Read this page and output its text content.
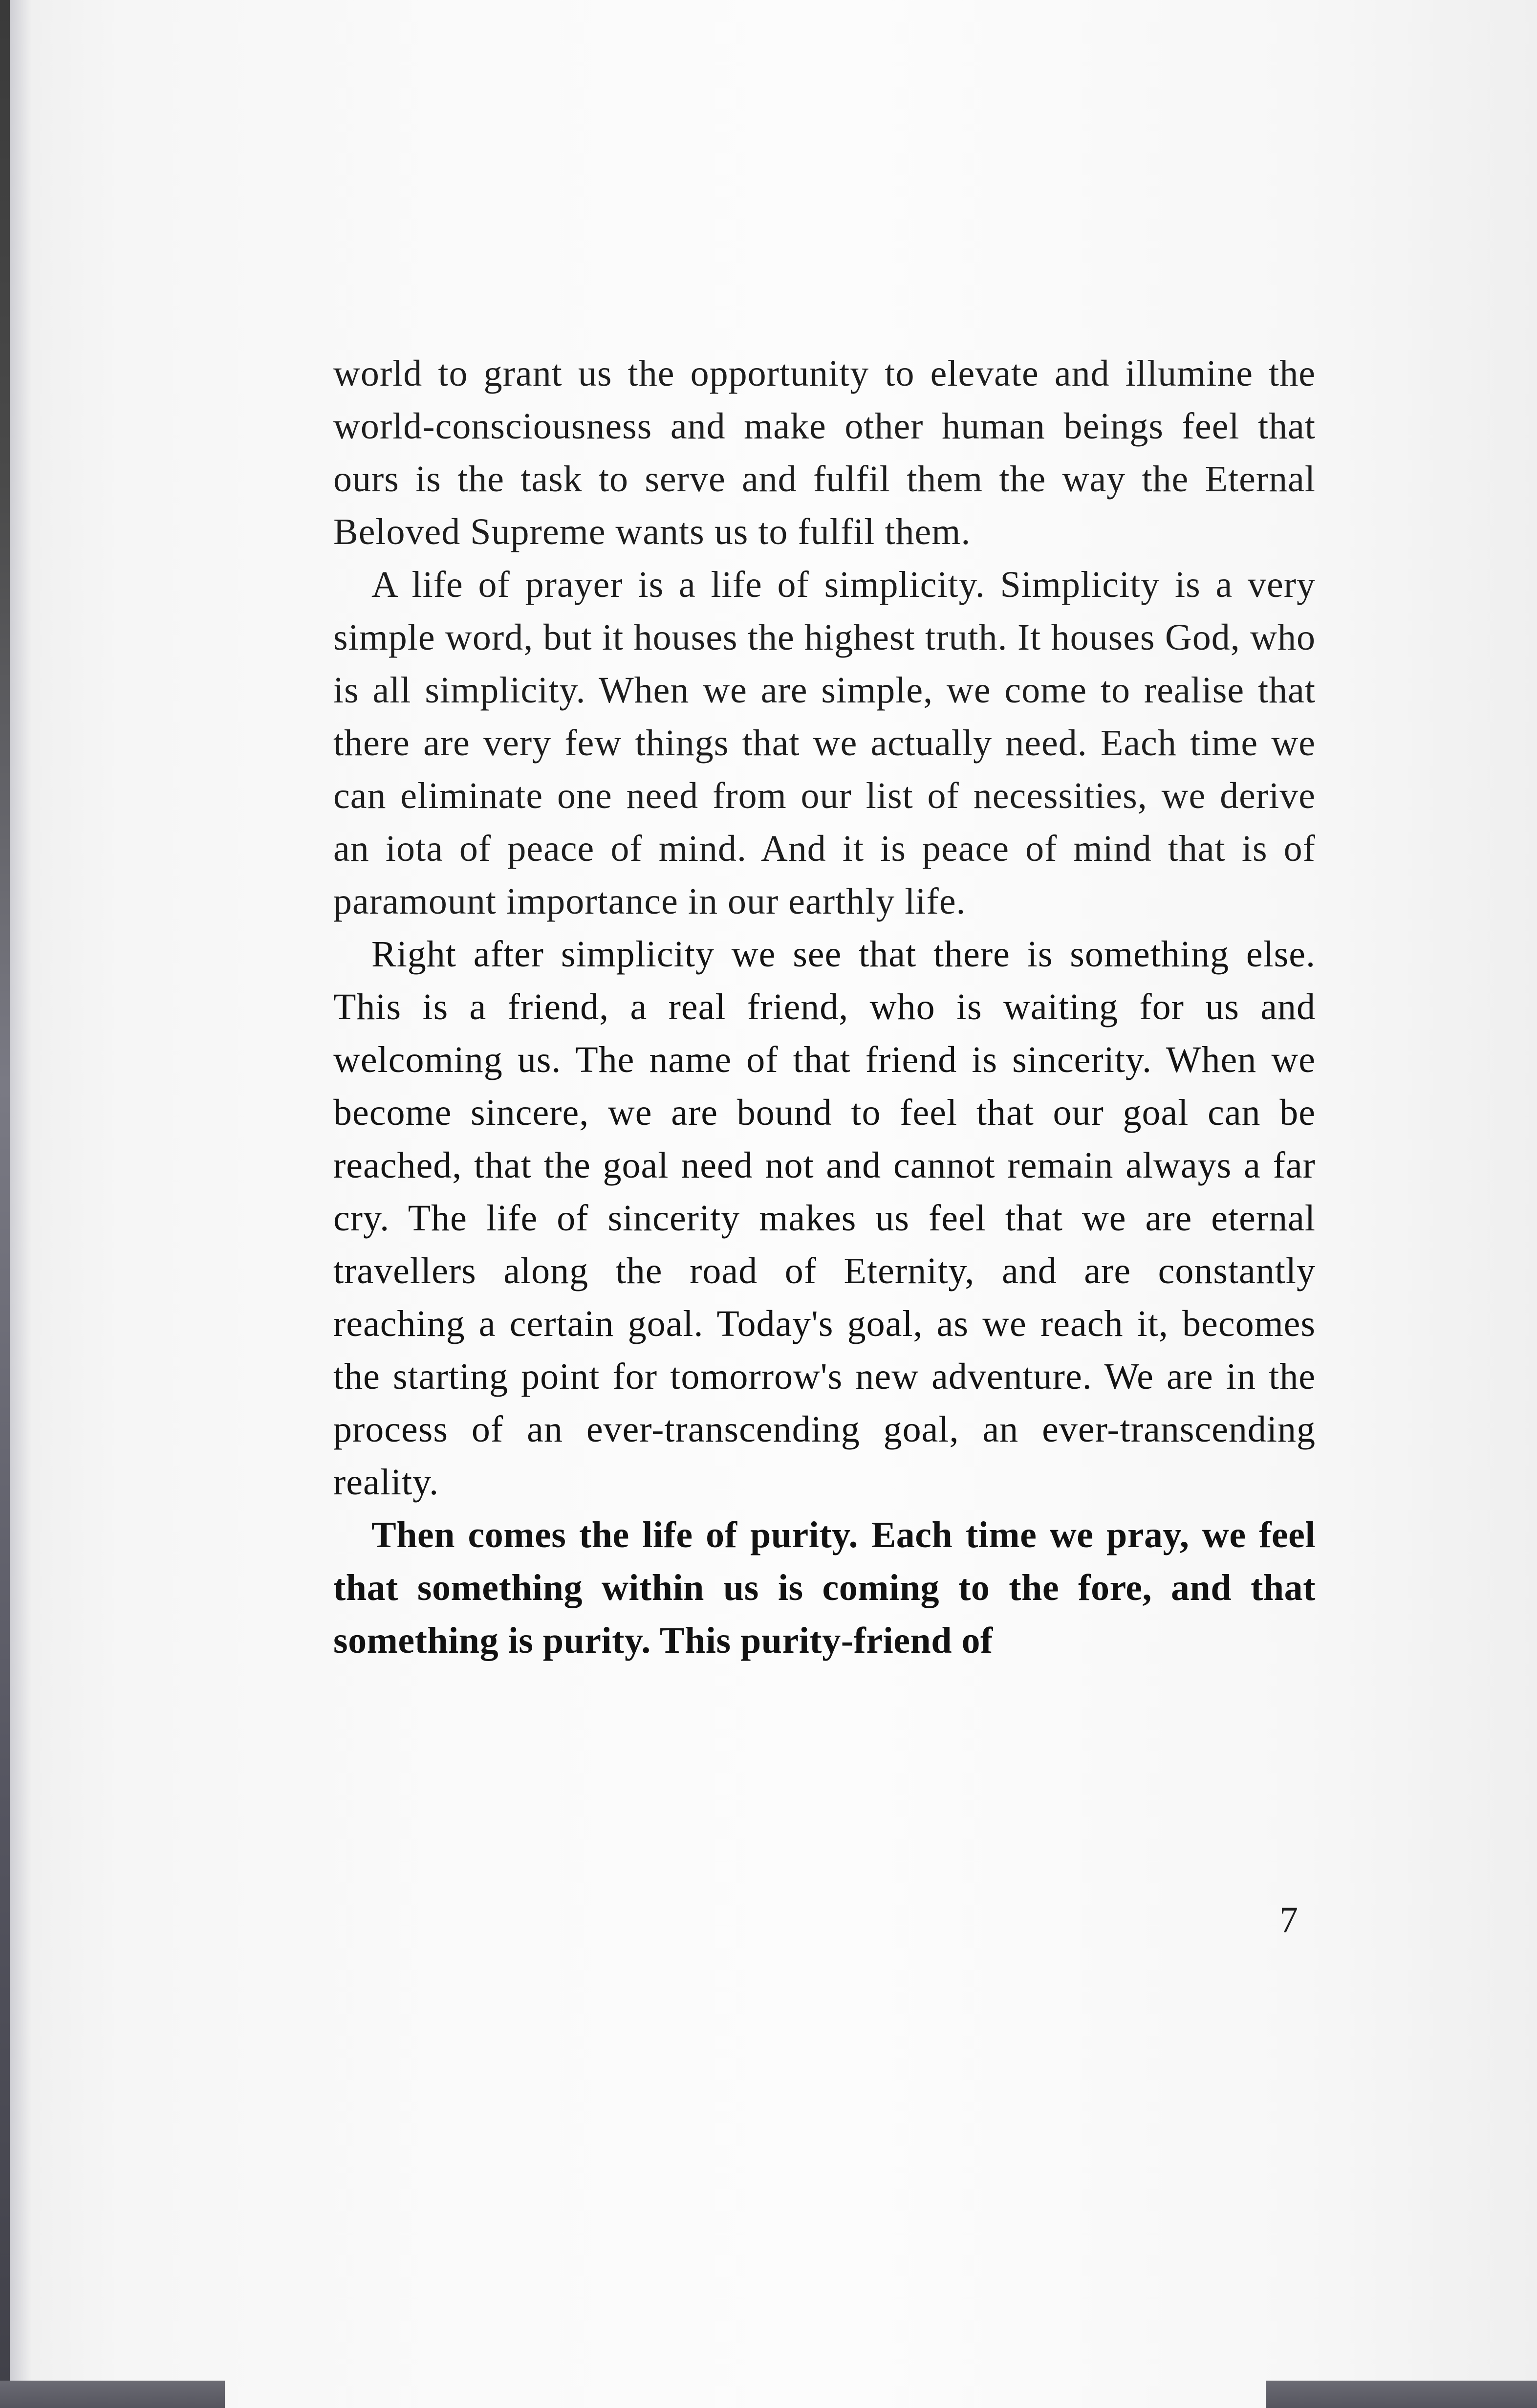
world to grant us the opportunity to elevate and illumine the world-consciousness and make other human beings feel that ours is the task to serve and fulfil them the way the Eternal Beloved Supreme wants us to fulfil them.

A life of prayer is a life of simplicity. Simplicity is a very simple word, but it houses the highest truth. It houses God, who is all simplicity. When we are simple, we come to realise that there are very few things that we actually need. Each time we can eliminate one need from our list of necessities, we derive an iota of peace of mind. And it is peace of mind that is of paramount importance in our earthly life.

Right after simplicity we see that there is something else. This is a friend, a real friend, who is waiting for us and welcoming us. The name of that friend is sincerity. When we become sincere, we are bound to feel that our goal can be reached, that the goal need not and cannot remain always a far cry. The life of sincerity makes us feel that we are eternal travellers along the road of Eternity, and are constantly reaching a certain goal. Today's goal, as we reach it, becomes the starting point for tomorrow's new adventure. We are in the process of an ever-transcending goal, an ever-transcending reality.

Then comes the life of purity. Each time we pray, we feel that something within us is coming to the fore, and that something is purity. This purity-friend of

7
